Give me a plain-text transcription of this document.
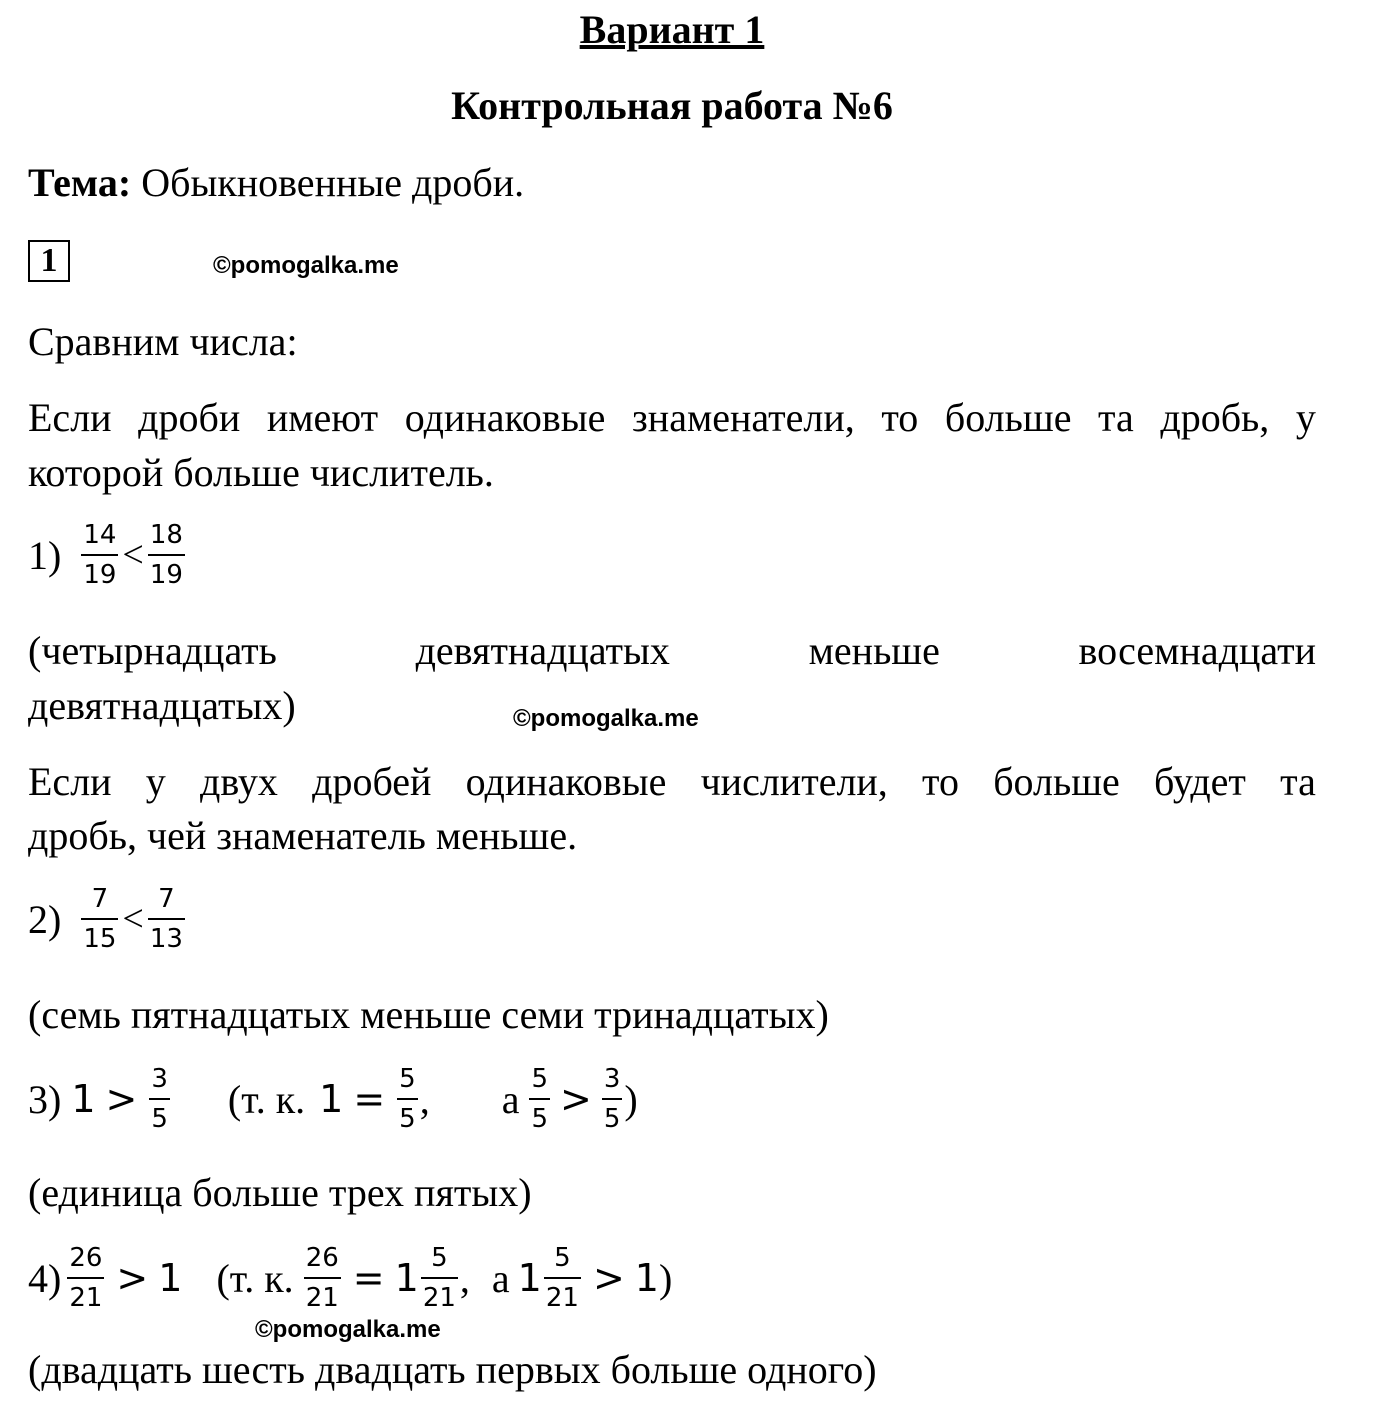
Вариант 1
Контрольная работа №6
Тема: Обыкновенные дроби.
1	©pomogalka.me
Сравним числа:
Если дроби имеют одинаковые знаменатели, то больше та дробь, у
которой больше числитель.
$1) \frac{14}{19} < \frac{18}{19}$
(четырнадцать	девятнадцатых	меньше	восемнадцати
девятнадцатых)	©pomogalka.me
Если у двух дробей одинаковые числители, то больше будет та
дробь, чей знаменатель меньше.
$2) \frac{7}{15} < \frac{7}{13}$
(семь пятнадцатых меньше семи тринадцатых)
3) $1 > \frac{3}{5} (т$. к. $1 = \frac{5}{5}$ , а $\frac{5}{5} > \frac{3}{5}$ )
(единица больше трех пятых)
$4) \frac{26}{21} > 1$ (т. к. $\frac{26}{21} = 1 \frac{5}{21}$ , а $1 \frac{5}{21} > 1$ )
©pomogalka.me
(двадцать шесть двадцать первых больше одного)
